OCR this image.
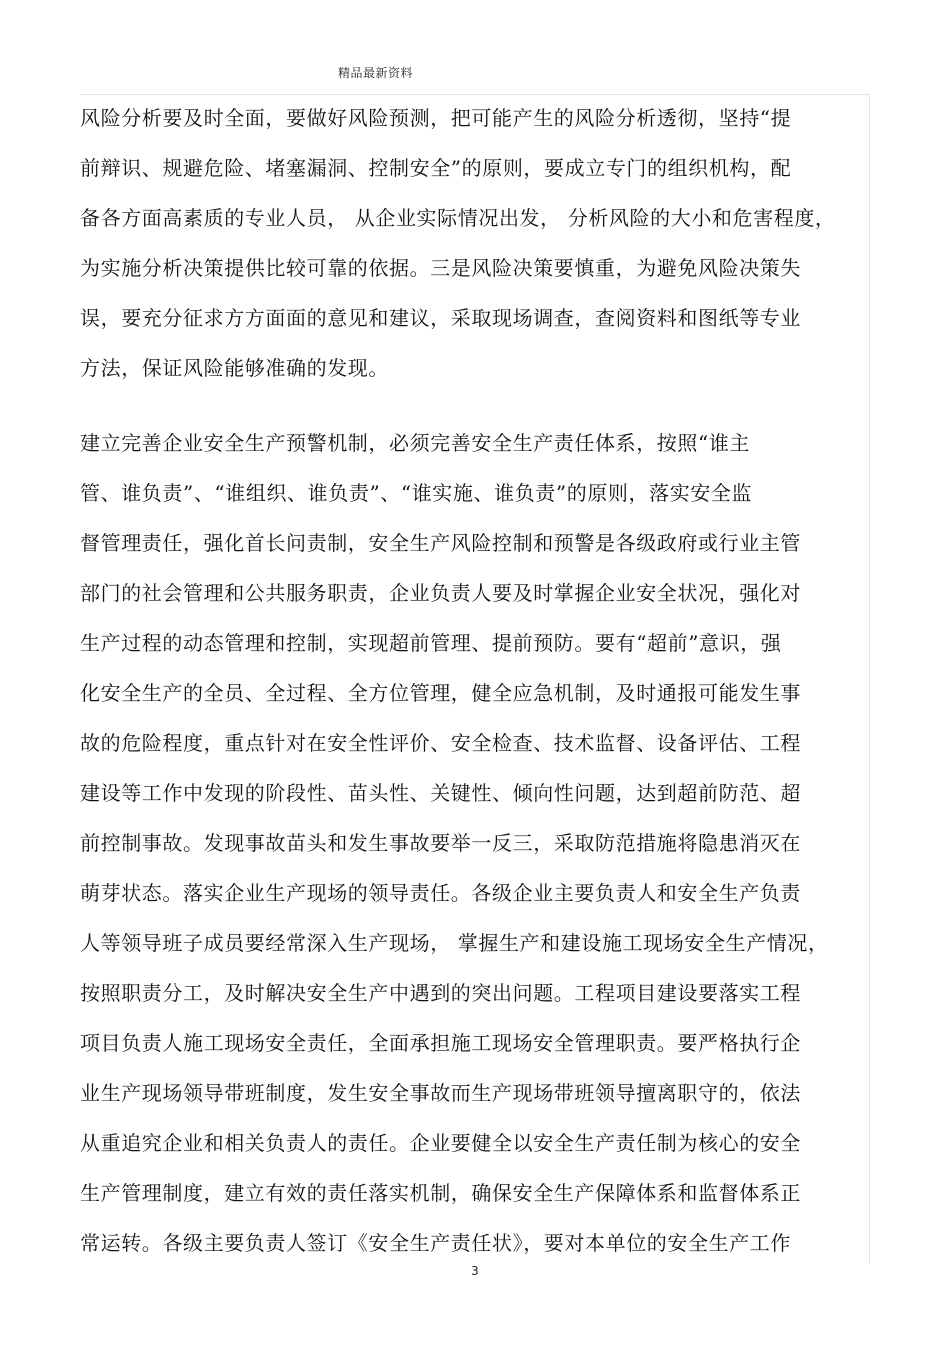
精品最新资料
风险分析要及时全面，要做好风险预测，把可能产生的风险分析透彻，坚持“提
前辩识、规避危险、堵塞漏洞、控制安全”的原则，要成立专门的组织机构，配
备各方面高素质的专业人员， 从企业实际情况出发， 分析风险的大小和危害程度，
为实施分析决策提供比较可靠的依据。三是风险决策要慎重，为避免风险决策失
误，要充分征求方方面面的意见和建议，采取现场调查，查阅资料和图纸等专业
方法，保证风险能够准确的发现。
建立完善企业安全生产预警机制，必须完善安全生产责任体系，按照“谁主
管、谁负责”、“谁组织、谁负责”、“谁实施、谁负责”的原则，落实安全监
督管理责任，强化首长问责制，安全生产风险控制和预警是各级政府或行业主管
部门的社会管理和公共服务职责，企业负责人要及时掌握企业安全状况，强化对
生产过程的动态管理和控制，实现超前管理、提前预防。要有“超前”意识，强
化安全生产的全员、全过程、全方位管理，健全应急机制，及时通报可能发生事
故的危险程度，重点针对在安全性评价、安全检查、技术监督、设备评估、工程
建设等工作中发现的阶段性、苗头性、关键性、倾向性问题，达到超前防范、超
前控制事故。发现事故苗头和发生事故要举一反三，采取防范措施将隐患消灭在
萌芽状态。落实企业生产现场的领导责任。各级企业主要负责人和安全生产负责
人等领导班子成员要经常深入生产现场， 掌握生产和建设施工现场安全生产情况，
按照职责分工，及时解决安全生产中遇到的突出问题。工程项目建设要落实工程
项目负责人施工现场安全责任，全面承担施工现场安全管理职责。要严格执行企
业生产现场领导带班制度，发生安全事故而生产现场带班领导擅离职守的，依法
从重追究企业和相关负责人的责任。企业要健全以安全生产责任制为核心的安全
生产管理制度，建立有效的责任落实机制，确保安全生产保障体系和监督体系正
常运转。各级主要负责人签订《安全生产责任状》，要对本单位的安全生产工作
3
